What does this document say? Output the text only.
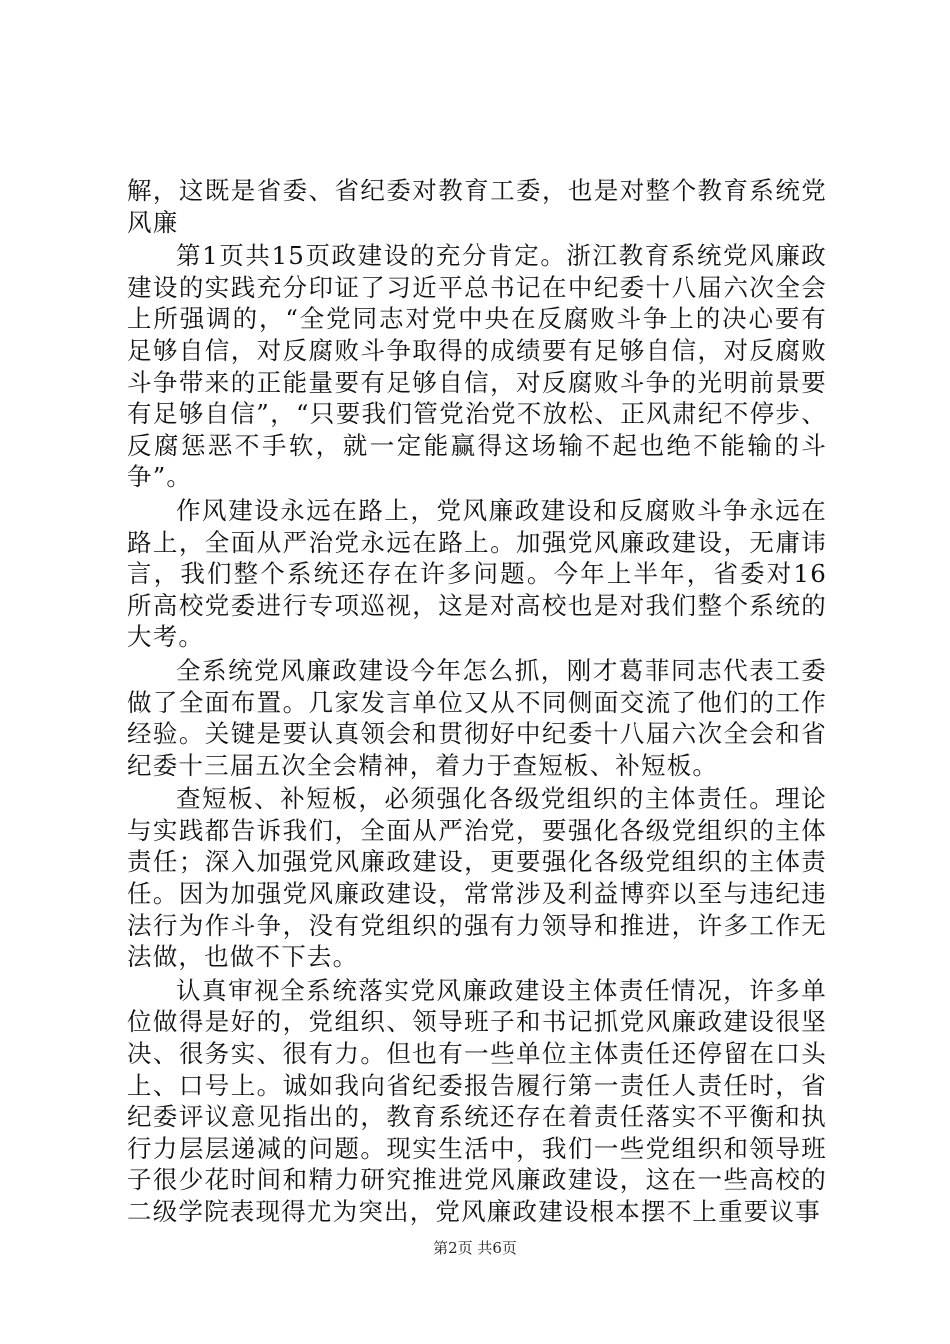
解，这既是省委、省纪委对教育工委，也是对整个教育系统党风廉

第1页共15页政建设的充分肯定。浙江教育系统党风廉政建设的实践充分印证了习近平总书记在中纪委十八届六次全会上所强调的，“全党同志对党中央在反腐败斗争上的决心要有足够自信，对反腐败斗争取得的成绩要有足够自信，对反腐败斗争带来的正能量要有足够自信，对反腐败斗争的光明前景要有足够自信”，“只要我们管党治党不放松、正风肃纪不停步、反腐惩恶不手软，就一定能赢得这场输不起也绝不能输的斗争”。

作风建设永远在路上，党风廉政建设和反腐败斗争永远在路上，全面从严治党永远在路上。加强党风廉政建设，无庸讳言，我们整个系统还存在许多问题。今年上半年，省委对16所高校党委进行专项巡视，这是对高校也是对我们整个系统的大考。

全系统党风廉政建设今年怎么抓，刚才葛菲同志代表工委做了全面布置。几家发言单位又从不同侧面交流了他们的工作经验。关键是要认真领会和贯彻好中纪委十八届六次全会和省纪委十三届五次全会精神，着力于查短板、补短板。

查短板、补短板，必须强化各级党组织的主体责任。理论与实践都告诉我们，全面从严治党，要强化各级党组织的主体责任；深入加强党风廉政建设，更要强化各级党组织的主体责任。因为加强党风廉政建设，常常涉及利益博弈以至与违纪违法行为作斗争，没有党组织的强有力领导和推进，许多工作无法做，也做不下去。

认真审视全系统落实党风廉政建设主体责任情况，许多单位做得是好的，党组织、领导班子和书记抓党风廉政建设很坚决、很务实、很有力。但也有一些单位主体责任还停留在口头上、口号上。诚如我向省纪委报告履行第一责任人责任时，省纪委评议意见指出的，教育系统还存在着责任落实不平衡和执行力层层递减的问题。现实生活中，我们一些党组织和领导班子很少花时间和精力研究推进党风廉政建设，这在一些高校的二级学院表现得尤为突出，党风廉政建设根本摆不上重要议事

第2页 共6页
